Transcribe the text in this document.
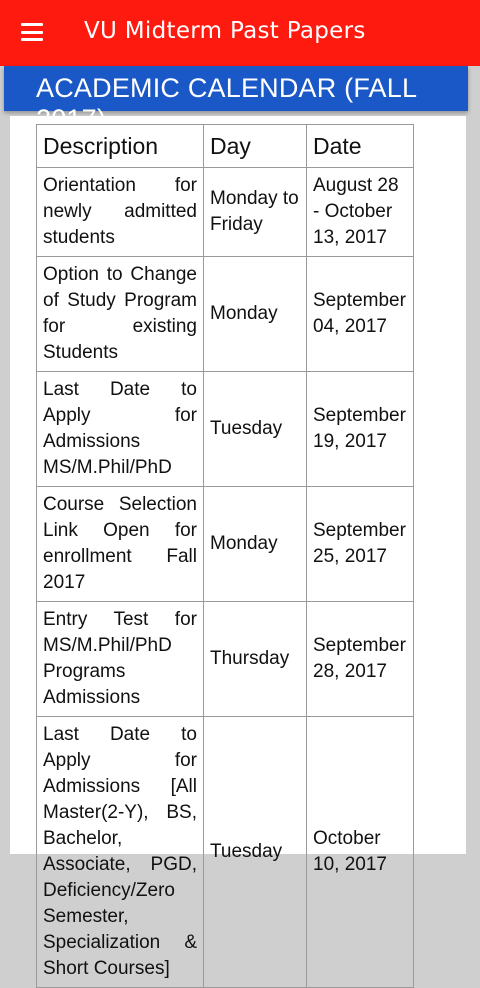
VU Midterm Past Papers
ACADEMIC CALENDAR (FALL
Description	Day	Date
Orientation for newly admitted students	Monday to Friday	August 28 - October 13, 2017
Option to Change of Study Program for existing Students	Monday	September 04, 2017
Last Date to Apply for Admissions MS/M.Phil/PhD	Tuesday	September 19, 2017
Course Selection Link Open for enrollment Fall 2017	Monday	September 25, 2017
Entry Test for MS/M.Phil/PhD Programs Admissions	Thursday	September 28, 2017
Last Date to Apply for Admissions [All Master(2-Y), BS, Bachelor, Associate, PGD, Deficiency/Zero Semester, Specialization & Short Courses]	Tuesday	October 10, 2017
